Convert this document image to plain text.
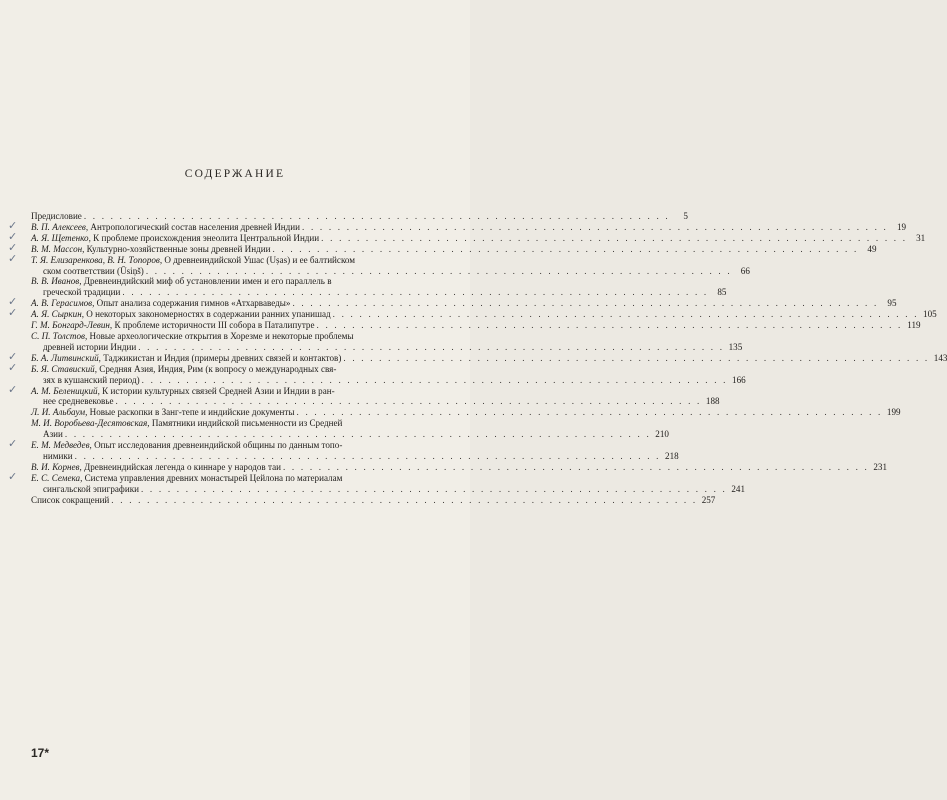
СОДЕРЖАНИЕ
Предисловие . . .	5
✓ В. П. Алексеев, Антропологический состав населения древней Индии . . .	19
✓ А. Я. Щетенко, К проблеме происхождения энеолита Центральной Индии . . .	31
✓ В. М. Массон, Культурно-хозяйственные зоны древней Индии . . .	49
✓ Т. Я. Елизаренкова, В. Н. Топоров, О древнеиндийской Ушас (Uṣas) и ее балтийском
ском соответствии (Ūsiņš) . . .	66
В. В. Иванов, Древнеиндийский миф об установлении имен и его параллель в
греческой традиции . . .	85
✓ А. В. Герасимов, Опыт анализа содержания гимнов «Атхарваведы» . . .	95
✓ А. Я. Сыркин, О некоторых закономерностях в содержании ранних упанишад . . .	105
Г. М. Бонгард-Левин, К проблеме историчности III собора в Паталипутре . . .	119
С. П. Толстов, Новые археологические открытия в Хорезме и некоторые проблемы
древней истории Индии . . .	135
✓ Б. А. Литвинский, Таджикистан и Индия (примеры древних связей и контактов) . . .	143
✓ Б. Я. Ставиский, Средняя Азия, Индия, Рим (к вопросу о международных свя-
зях в кушанский период) . . .	166
✓ А. М. Беленицкий, К истории культурных связей Средней Азии и Индии в ран-
нее средневековье . . .	188
Л. И. Альбаум, Новые раскопки в Занг-тепе и индийские документы . . .	199
М. И. Воробьева-Десятовская, Памятники индийской письменности из Средней
Азии . . .	210
✓ Е. М. Медведев, Опыт исследования древнеиндийской общины по данным топо-
нимики . . .	218
В. И. Корнев, Древнеиндийская легенда о киннаре у народов таи . . .	231
✓ Е. С. Семека, Система управления древних монастырей Цейлона по материалам
сингальской эпиграфики . . .	241
Список сокращений . . .	257
17*
